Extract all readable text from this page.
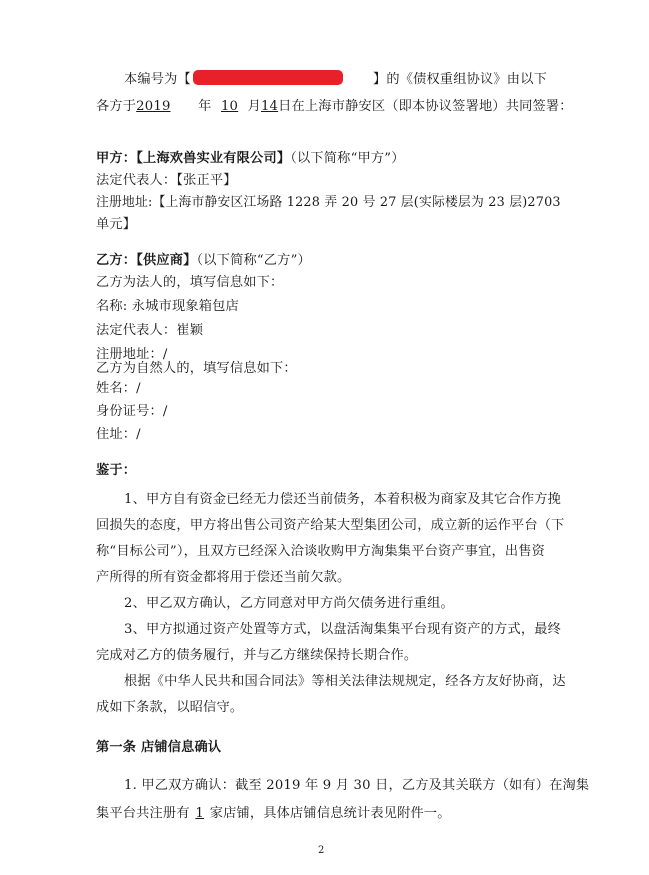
本编号为【	】的《债权重组协议》由以下
各方于2019 年 10 月14日在上海市静安区（即本协议签署地）共同签署：
甲方：【上海欢兽实业有限公司】（以下简称“甲方”）
法定代表人：【张正平】
注册地址:【上海市静安区江场路 1228 弄 20 号 27 层(实际楼层为 23 层)2703
单元】
乙方：【供应商】（以下简称“乙方”）
乙方为法人的，填写信息如下：
名称: 永城市现象箱包店
法定代表人：崔颖
注册地址：/
乙方为自然人的，填写信息如下：
姓名：/
身份证号：/
住址：/
鉴于：
1、甲方自有资金已经无力偿还当前债务，本着积极为商家及其它合作方挽
回损失的态度，甲方将出售公司资产给某大型集团公司，成立新的运作平台（下
称“目标公司”），且双方已经深入洽谈收购甲方淘集集平台资产事宜，出售资
产所得的所有资金都将用于偿还当前欠款。
2、甲乙双方确认，乙方同意对甲方尚欠债务进行重组。
3、甲方拟通过资产处置等方式，以盘活淘集集平台现有资产的方式，最终
完成对乙方的债务履行，并与乙方继续保持长期合作。
根据《中华人民共和国合同法》等相关法律法规规定，经各方友好协商，达
成如下条款，以昭信守。
第一条 店铺信息确认
1. 甲乙双方确认：截至 2019 年 9 月 30 日，乙方及其关联方（如有）在淘集
集平台共注册有 1 家店铺，具体店铺信息统计表见附件一。
2
